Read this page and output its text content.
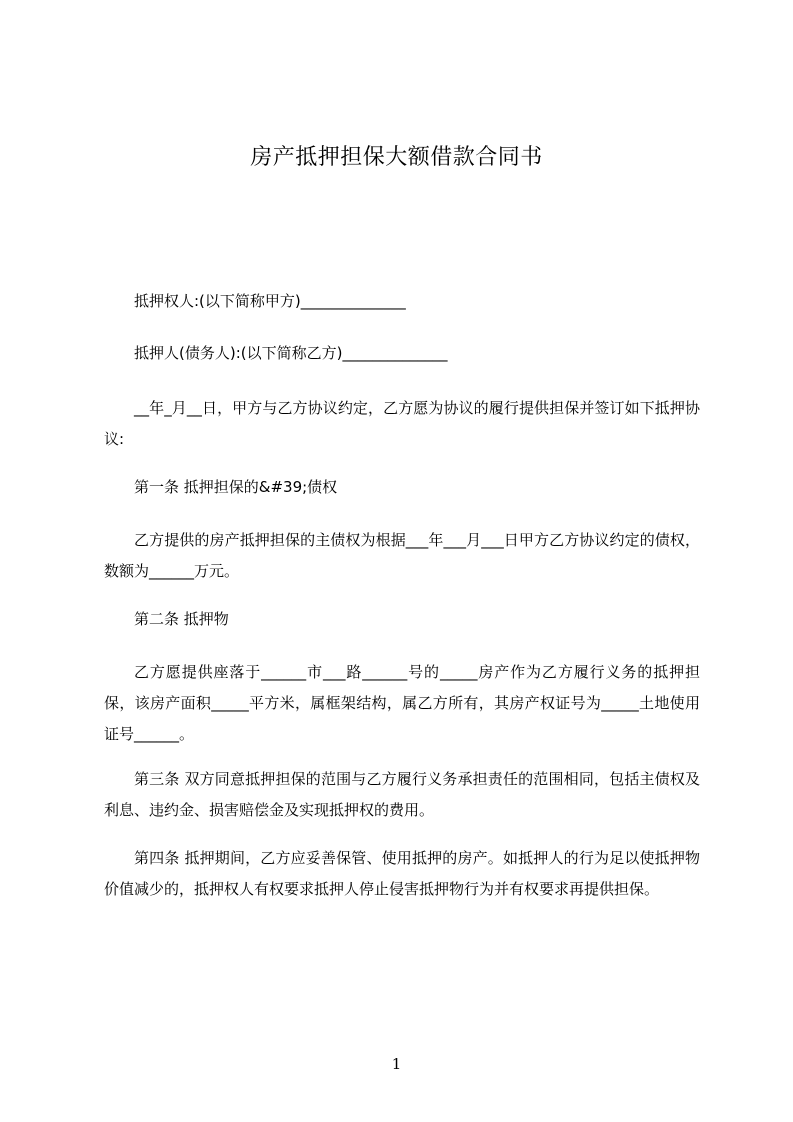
房产抵押担保大额借款合同书
抵押权人:(以下简称甲方)______________
抵押人(债务人):(以下简称乙方)______________
__年_月__日，甲方与乙方协议约定，乙方愿为协议的履行提供担保并签订如下抵押协议:
第一条 抵押担保的&#39;债权
乙方提供的房产抵押担保的主债权为根据___年___月___日甲方乙方协议约定的债权，数额为______万元。
第二条 抵押物
乙方愿提供座落于______市___路______号的_____房产作为乙方履行义务的抵押担保，该房产面积_____平方米，属框架结构，属乙方所有，其房产权证号为_____土地使用证号______。
第三条 双方同意抵押担保的范围与乙方履行义务承担责任的范围相同，包括主债权及利息、违约金、损害赔偿金及实现抵押权的费用。
第四条 抵押期间，乙方应妥善保管、使用抵押的房产。如抵押人的行为足以使抵押物价值减少的，抵押权人有权要求抵押人停止侵害抵押物行为并有权要求再提供担保。
1
